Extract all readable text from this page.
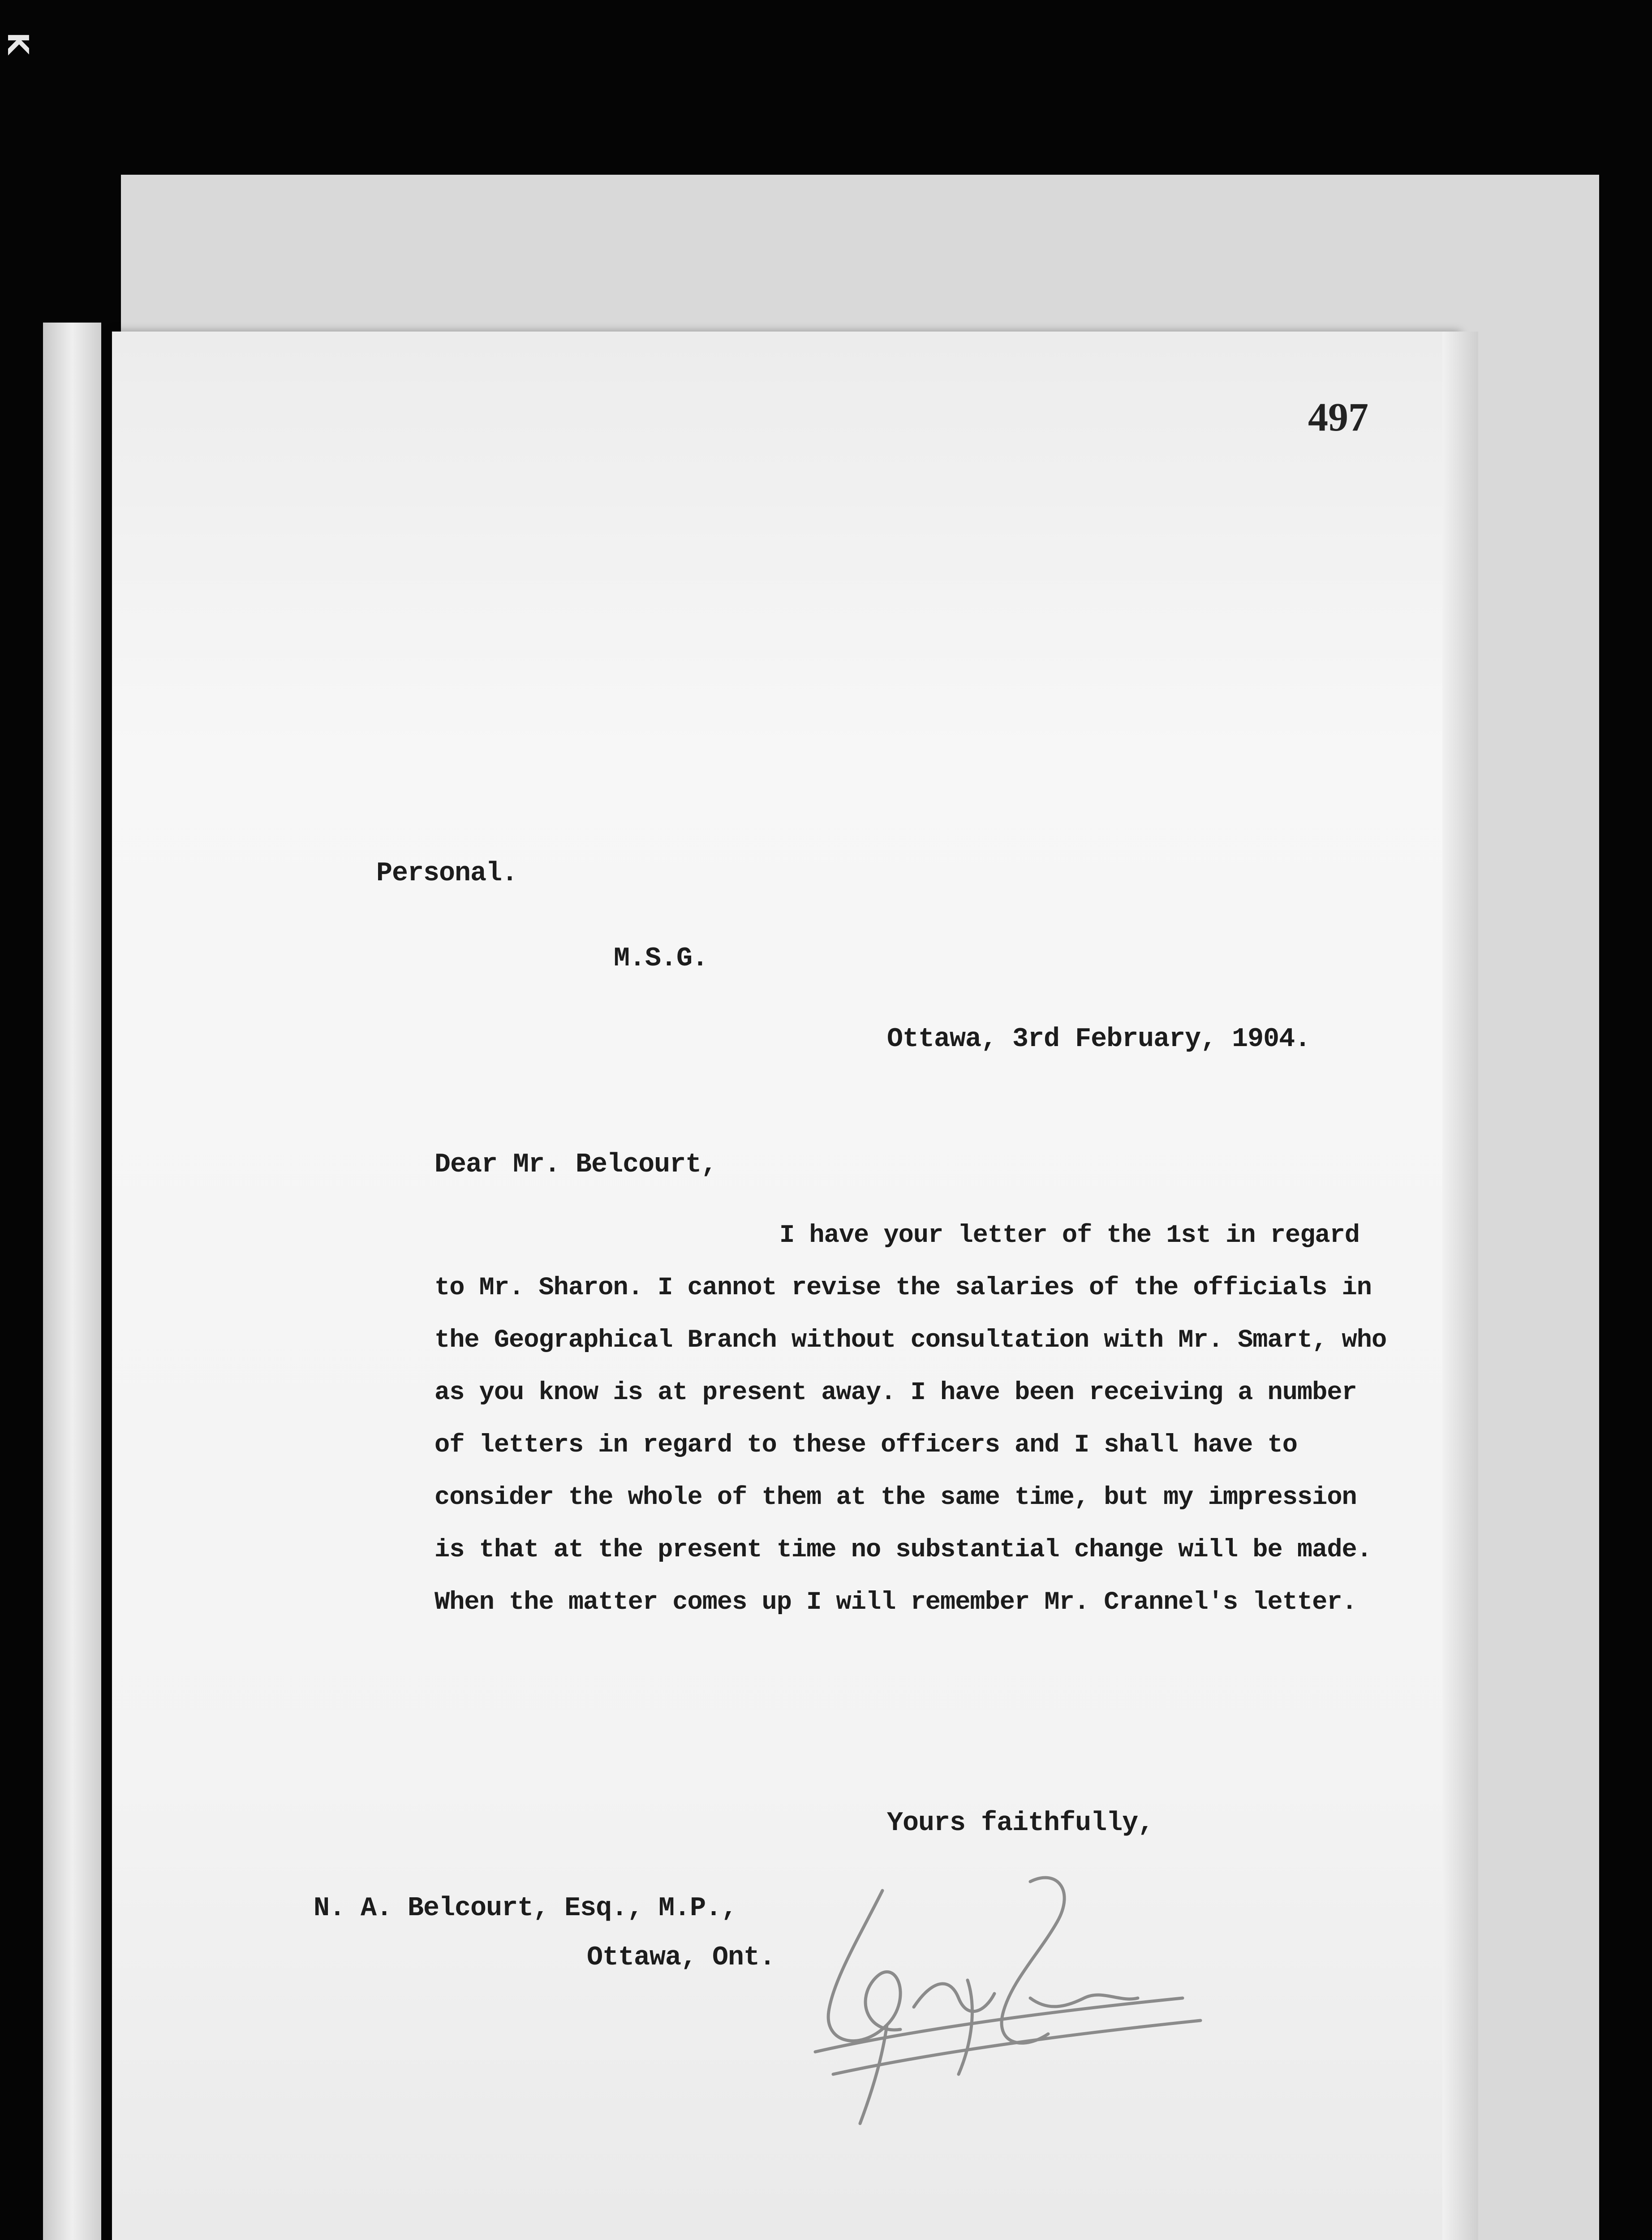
K
497
Personal.
M.S.G.
Ottawa, 3rd February, 1904.
Dear Mr. Belcourt,
I have your letter of the 1st in regard to Mr. Sharon. I cannot revise the salaries of the officials in the Geographical Branch without consultation with Mr. Smart, who as you know is at present away. I have been receiving a number of letters in regard to these officers and I shall have to consider the whole of them at the same time, but my impression is that at the present time no substantial change will be made. When the matter comes up I will remember Mr. Crannel's letter.
Yours faithfully,
N. A. Belcourt, Esq., M.P.,
Ottawa, Ont.
